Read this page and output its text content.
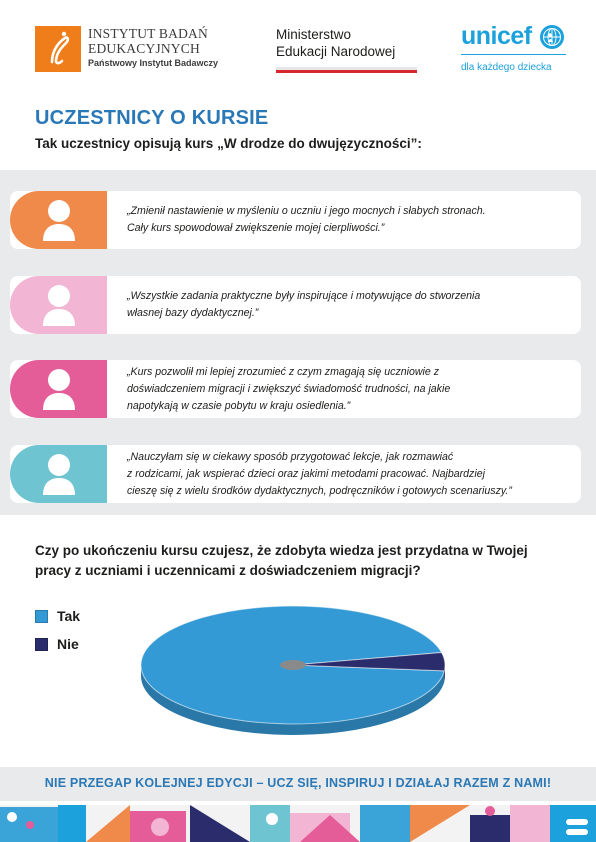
INSTYTUT BADAŃ
EDUKACYJNYCH
Państwowy Instytut Badawczy
Ministerstwo
Edukacji Narodowej
unicef
dla każdego dziecka
UCZESTNICY O KURSIE
Tak uczestnicy opisują kurs „W drodze do dwujęzyczności”:
„Zmienił nastawienie w myśleniu o uczniu i jego mocnych i słabych stronach.
Cały kurs spowodował zwiększenie mojej cierpliwości.”
„Wszystkie zadania praktyczne były inspirujące i motywujące do stworzenia
własnej bazy dydaktycznej.”
„Kurs pozwolił mi lepiej zrozumieć z czym zmagają się uczniowie z
doświadczeniem migracji i zwiększyć świadomość trudności, na jakie
napotykają w czasie pobytu w kraju osiedlenia.”
„Nauczyłam się w ciekawy sposób przygotować lekcje, jak rozmawiać
z rodzicami, jak wspierać dzieci oraz jakimi metodami pracować. Najbardziej
cieszę się z wielu środków dydaktycznych, podręczników i gotowych scenariuszy.”
Czy po ukończeniu kursu czujesz, że zdobyta wiedza jest przydatna w Twojej
pracy z uczniami i uczennicami z doświadczeniem migracji?
Tak
Nie
NIE PRZEGAP KOLEJNEJ EDYCJI – UCZ SIĘ, INSPIRUJ I DZIAŁAJ RAZEM Z NAMI!
